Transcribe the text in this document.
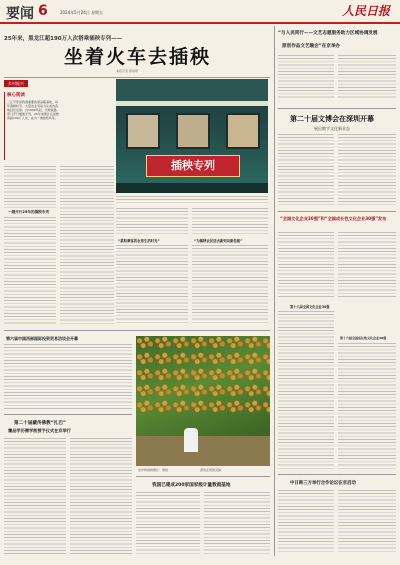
要闻 6	2024年5月24日 星期五	人民日报
25年来，黑龙江超190万人次搭乘插秧专列——
坐着火车去插秧
本报记者 郭雨明
乡村振兴
核心阅读
三江平原是我国重要的商品粮基地，每年春耕时节，大量农业劳动力从省内各地赶往这里。自1999年起，当地铁路部门开行插秧专列，25年来累计运送旅客超190万人次，成为一道独特风景。
一趟开行25年的插秧专列
插秧专列
“累积乘客的农家生活时光”	“为插秧农民送去新知识新技能”
“与人民同行——文艺志愿服务助力区域协调发展
原创作品文艺晚会”在京举办
第二十届文博会在深圳开幕
展出数字文化新业态
“全国文化企业30强”和“全国成长性文化企业30强”发布
第十六届全国文化企业30强
第十六届全国成长性文化企业30强
中日韩三方举行合作论坛在京启动
第六届中国西部国际投资贸易洽谈会开幕
第二十届藏传佛教“扎巴”
鹰品学历僧学衔授予仪式在京举行
农作物春耕图片：果树	游客在果园采摘
我国已建成200家国家级计量数据基地
